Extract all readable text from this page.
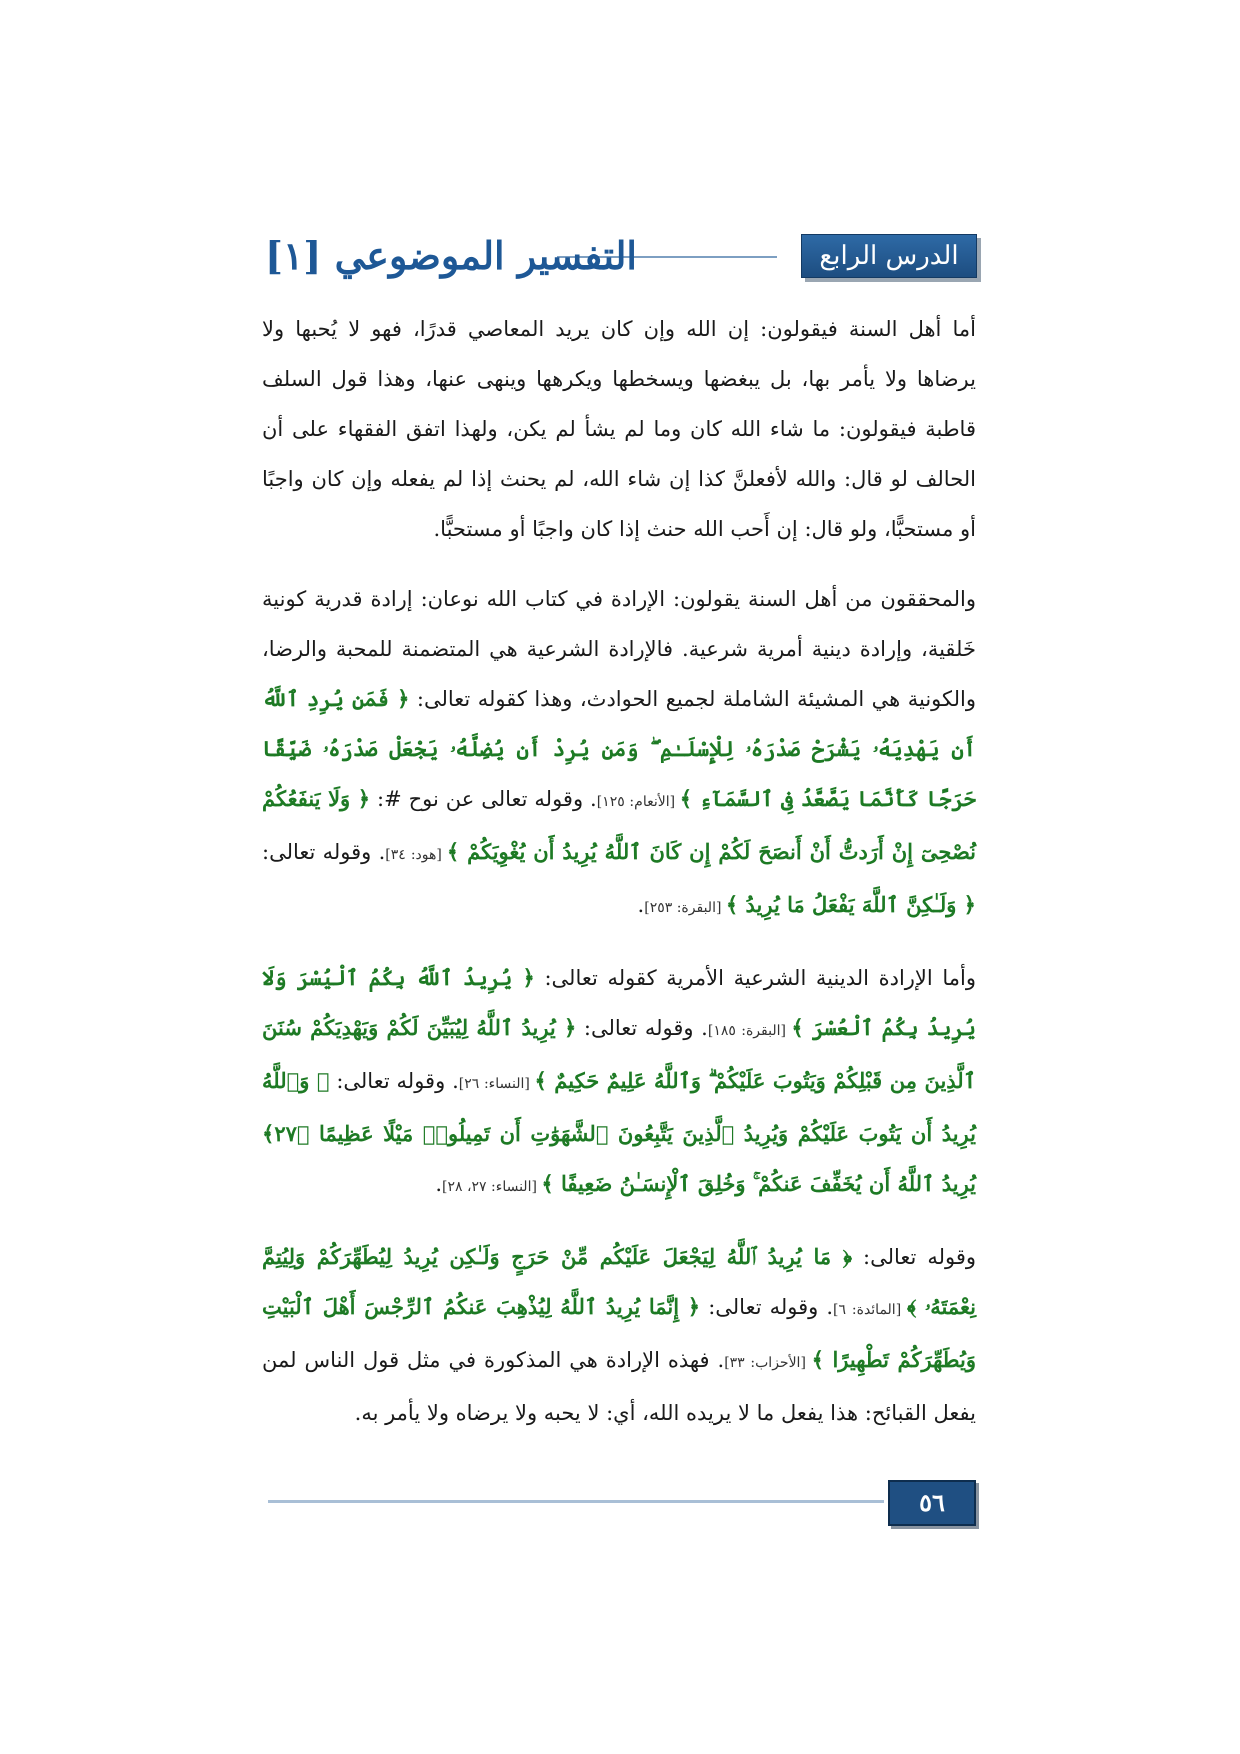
الدرس الرابع
التفسير الموضوعي [١]

أما أهل السنة فيقولون: إن الله وإن كان يريد المعاصي قدرًا، فهو لا يُحبها ولا يرضاها ولا يأمر بها، بل يبغضها ويسخطها ويكرهها وينهى عنها، وهذا قول السلف قاطبة فيقولون: ما شاء الله كان وما لم يشأ لم يكن، ولهذا اتفق الفقهاء على أن الحالف لو قال: والله لأفعلنَّ كذا إن شاء الله، لم يحنث إذا لم يفعله وإن كان واجبًا أو مستحبًّا، ولو قال: إن أَحب الله حنث إذا كان واجبًا أو مستحبًّا.

والمحققون من أهل السنة يقولون: الإرادة في كتاب الله نوعان: إرادة قدرية كونية خَلقية، وإرادة دينية أمرية شرعية. فالإرادة الشرعية هي المتضمنة للمحبة والرضا، والكونية هي المشيئة الشاملة لجميع الحوادث، وهذا كقوله تعالى: ﴿ فَمَن يُرِدِ ٱللَّهُ أَن يَهْدِيَهُۥ يَشْرَحْ صَدْرَهُۥ لِلْإِسْلَـٰمِ ۖ وَمَن يُرِدْ أَن يُضِلَّهُۥ يَجْعَلْ صَدْرَهُۥ ضَيِّقًا حَرَجًا كَأَنَّمَا يَصَّعَّدُ فِى ٱلسَّمَآءِ ﴾ [الأنعام: ١٢٥]. وقوله تعالى عن نوح #: ﴿ وَلَا يَنفَعُكُمْ نُصْحِىٓ إِنْ أَرَدتُّ أَنْ أَنصَحَ لَكُمْ إِن كَانَ ٱللَّهُ يُرِيدُ أَن يُغْوِيَكُمْ ﴾ [هود: ٣٤]. وقوله تعالى: ﴿ وَلَـٰكِنَّ ٱللَّهَ يَفْعَلُ مَا يُرِيدُ ﴾ [البقرة: ٢٥٣].

وأما الإرادة الدينية الشرعية الأمرية كقوله تعالى: ﴿ يُرِيدُ ٱللَّهُ بِكُمُ ٱلْيُسْرَ وَلَا يُرِيدُ بِكُمُ ٱلْعُسْرَ ﴾ [البقرة: ١٨٥]. وقوله تعالى: ﴿ يُرِيدُ ٱللَّهُ لِيُبَيِّنَ لَكُمْ وَيَهْدِيَكُمْ سُنَنَ ٱلَّذِينَ مِن قَبْلِكُمْ وَيَتُوبَ عَلَيْكُمْ ۗ وَٱللَّهُ عَلِيمٌ حَكِيمٌ ﴾ [النساء: ٢٦]. وقوله تعالى: ﴿ وَٱللَّهُ يُرِيدُ أَن يَتُوبَ عَلَيْكُمْ وَيُرِيدُ ٱلَّذِينَ يَتَّبِعُونَ ٱلشَّهَوَٰتِ أَن تَمِيلُوا۟ مَيْلًا عَظِيمًا ﴿٢٧﴾ يُرِيدُ ٱللَّهُ أَن يُخَفِّفَ عَنكُمْ ۚ وَخُلِقَ ٱلْإِنسَـٰنُ ضَعِيفًا ﴾ [النساء: ٢٧، ٢٨].

وقوله تعالى: ﴿ مَا يُرِيدُ ٱللَّهُ لِيَجْعَلَ عَلَيْكُم مِّنْ حَرَجٍ وَلَـٰكِن يُرِيدُ لِيُطَهِّرَكُمْ وَلِيُتِمَّ نِعْمَتَهُۥ ﴾ [المائدة: ٦]. وقوله تعالى: ﴿ إِنَّمَا يُرِيدُ ٱللَّهُ لِيُذْهِبَ عَنكُمُ ٱلرِّجْسَ أَهْلَ ٱلْبَيْتِ وَيُطَهِّرَكُمْ تَطْهِيرًا ﴾ [الأحزاب: ٣٣]. فهذه الإرادة هي المذكورة في مثل قول الناس لمن يفعل القبائح: هذا يفعل ما لا يريده الله، أي: لا يحبه ولا يرضاه ولا يأمر به.

٥٦
